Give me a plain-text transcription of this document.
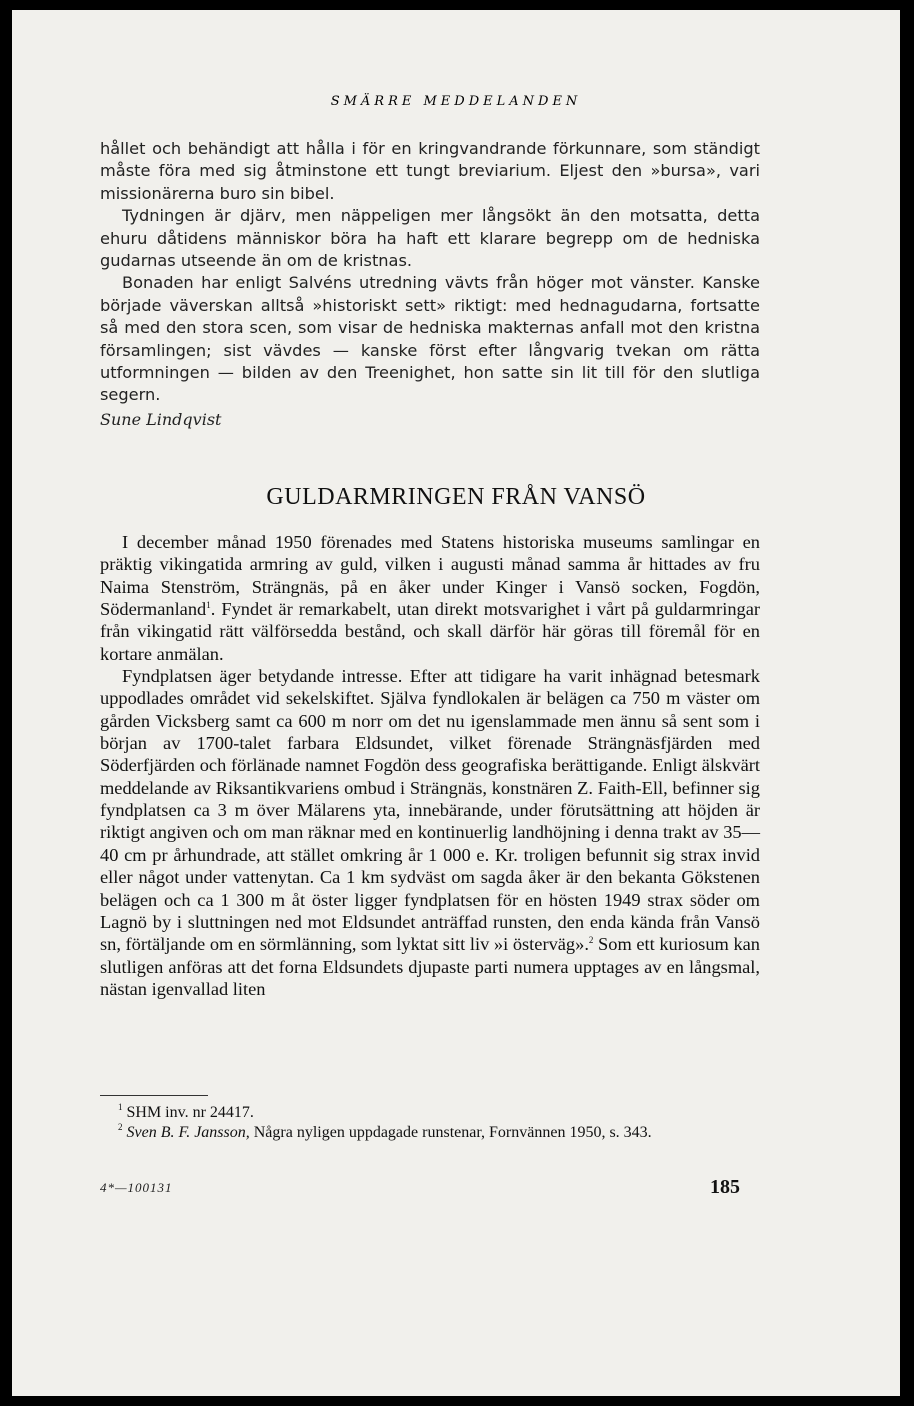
SMÄRRE MEDDELANDEN

hållet och behändigt att hålla i för en kringvandrande förkunnare, som ständigt måste föra med sig åtminstone ett tungt breviarium. Eljest den »bursa», vari missionärerna buro sin bibel.

Tydningen är djärv, men näppeligen mer långsökt än den motsatta, detta ehuru dåtidens människor böra ha haft ett klarare begrepp om de hedniska gudarnas utseende än om de kristnas.

Bonaden har enligt Salvéns utredning vävts från höger mot vänster. Kanske började väverskan alltså »historiskt sett» riktigt: med hednagudarna, fortsatte så med den stora scen, som visar de hedniska makternas anfall mot den kristna församlingen; sist vävdes — kanske först efter långvarig tvekan om rätta utformningen — bilden av den Treenighet, hon satte sin lit till för den slutliga segern.

Sune Lindqvist
GULDARMRINGEN FRÅN VANSÖ

I december månad 1950 förenades med Statens historiska museums samlingar en präktig vikingatida armring av guld, vilken i augusti månad samma år hittades av fru Naima Stenström, Strängnäs, på en åker under Kinger i Vansö socken, Fogdön, Södermanland$^1$. Fyndet är remarkabelt, utan direkt motsvarighet i vårt på guldarmringar från vikingatid rätt välförsedda bestånd, och skall därför här göras till föremål för en kortare anmälan.

Fyndplatsen äger betydande intresse. Efter att tidigare ha varit inhägnad betesmark uppodlades området vid sekelskiftet. Själva fyndlokalen är belägen ca 750 m väster om gården Vicksberg samt ca 600 m norr om det nu igenslammade men ännu så sent som i början av 1700-talet farbara Eldsundet, vilket förenade Strängnäsfjärden med Söderfjärden och förlänade namnet Fogdön dess geografiska berättigande. Enligt älskvärt meddelande av Riksantikvariens ombud i Strängnäs, konstnären Z. Faith-Ell, befinner sig fyndplatsen ca 3 m över Mälarens yta, innebärande, under förutsättning att höjden är riktigt angiven och om man räknar med en kontinuerlig landhöjning i denna trakt av 35—40 cm pr århundrade, att stället omkring år 1 000 e. Kr. troligen befunnit sig strax invid eller något under vattenytan. Ca 1 km sydväst om sagda åker är den bekanta Gökstenen belägen och ca 1 300 m åt öster ligger fyndplatsen för en hösten 1949 strax söder om Lagnö by i sluttningen ned mot Eldsundet anträffad runsten, den enda kända från Vansö sn, förtäljande om en sörmlänning, som lyktat sitt liv »i österväg».$^2$ Som ett kuriosum kan slutligen anföras att det forna Eldsundets djupaste parti numera upptages av en långsmal, nästan igenvallad liten

$^1$ SHM inv. nr 24417.

$^2$ Sven B. F. Jansson, Några nyligen uppdagade runstenar, Fornvännen 1950, s. 343.

4*—100131	185
